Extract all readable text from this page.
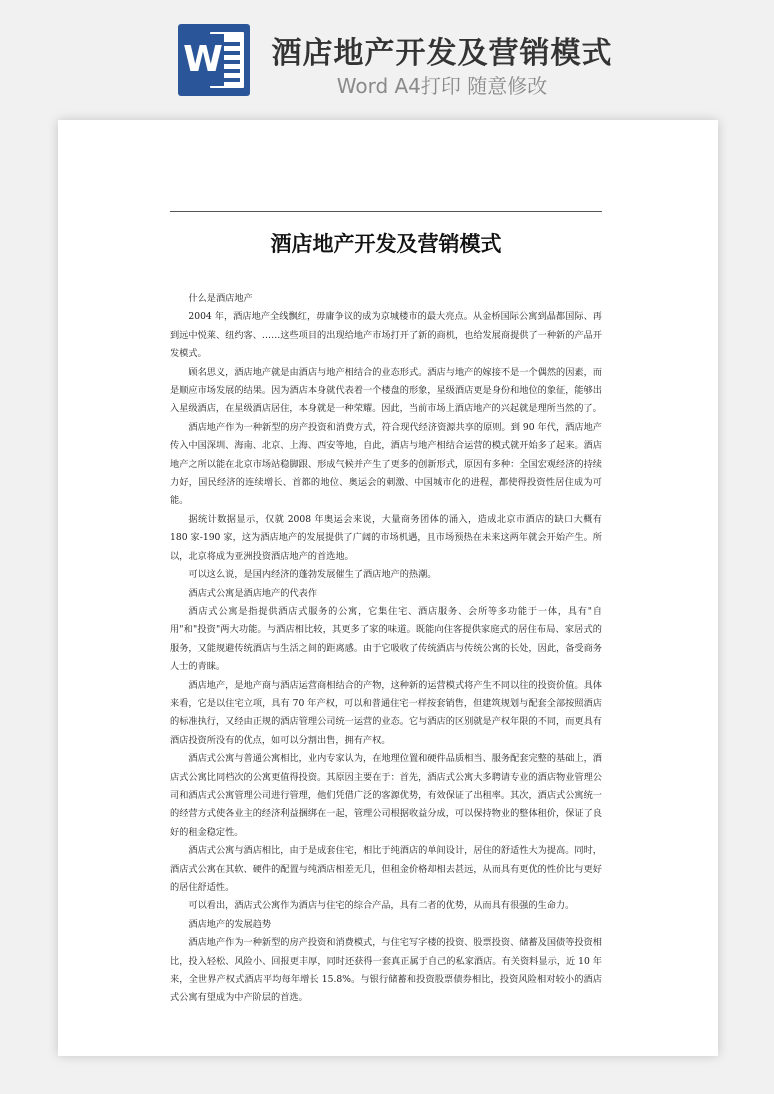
W	酒店地产开发及营销模式
Word A4打印 随意修改
酒店地产开发及营销模式

什么是酒店地产

2004 年，酒店地产全线飘红，毋庸争议的成为京城楼市的最大亮点。从金桥国际公寓到晶都国际、再到远中悦莱、纽约客、……这些项目的出现给地产市场打开了新的商机，也给发展商提供了一种新的产品开发模式。

顾名思义，酒店地产就是由酒店与地产相结合的业态形式。酒店与地产的嫁接不是一个偶然的因素，而是顺应市场发展的结果。因为酒店本身就代表着一个楼盘的形象，星级酒店更是身份和地位的象征，能够出入星级酒店，在星级酒店居住，本身就是一种荣耀。因此，当前市场上酒店地产的兴起就是理所当然的了。

酒店地产作为一种新型的房产投资和消费方式，符合现代经济资源共享的原则。到 90 年代，酒店地产传入中国深圳、海南、北京、上海、西安等地，自此，酒店与地产相结合运营的模式就开始多了起来。酒店地产之所以能在北京市场站稳脚跟、形成气候并产生了更多的创新形式，原因有多种：全国宏观经济的持续力好，国民经济的连续增长、首都的地位、奥运会的刺激、中国城市化的进程，都使得投资性居住成为可能。

据统计数据显示，仅就 2008 年奥运会来说，大量商务团体的涌入，造成北京市酒店的缺口大概有 180 家-190 家，这为酒店地产的发展提供了广阔的市场机遇，且市场预热在未来这两年就会开始产生。所以，北京将成为亚洲投资酒店地产的首选地。

可以这么说，是国内经济的蓬勃发展催生了酒店地产的热潮。

酒店式公寓是酒店地产的代表作

酒店式公寓是指提供酒店式服务的公寓，它集住宅、酒店服务、会所等多功能于一体，具有"自用"和"投资"两大功能。与酒店相比较，其更多了家的味道。既能向住客提供家庭式的居住布局、家居式的服务，又能规避传统酒店与生活之间的距离感。由于它吸收了传统酒店与传统公寓的长处，因此，备受商务人士的青睐。

酒店地产，是地产商与酒店运营商相结合的产物，这种新的运营模式将产生不同以往的投资价值。具体来看，它是以住宅立项，具有 70 年产权，可以和普通住宅一样按套销售，但建筑规划与配套全部按照酒店的标准执行，又经由正规的酒店管理公司统一运营的业态。它与酒店的区别就是产权年限的不同，而更具有酒店投资所没有的优点，如可以分割出售，拥有产权。

酒店式公寓与普通公寓相比，业内专家认为，在地理位置和硬件品质相当、服务配套完整的基础上，酒店式公寓比同档次的公寓更值得投资。其原因主要在于：首先，酒店式公寓大多聘请专业的酒店物业管理公司和酒店式公寓管理公司进行管理，他们凭借广泛的客源优势，有效保证了出租率。其次，酒店式公寓统一的经营方式使各业主的经济利益捆绑在一起，管理公司根据收益分成，可以保持物业的整体租价，保证了良好的租金稳定性。

酒店式公寓与酒店相比，由于是成套住宅，相比于纯酒店的单间设计，居住的舒适性大为提高。同时，酒店式公寓在其软、硬件的配置与纯酒店相差无几，但租金价格却相去甚远，从而具有更优的性价比与更好的居住舒适性。

可以看出，酒店式公寓作为酒店与住宅的综合产品，具有二者的优势，从而具有很强的生命力。

酒店地产的发展趋势

酒店地产作为一种新型的房产投资和消费模式，与住宅写字楼的投资、股票投资、储蓄及国债等投资相比，投入轻松、风险小、回报更丰厚，同时还获得一套真正属于自己的私家酒店。有关资料显示，近 10 年来，全世界产权式酒店平均每年增长 15.8%。与银行储蓄和投资股票债券相比，投资风险相对较小的酒店式公寓有望成为中产阶层的首选。
